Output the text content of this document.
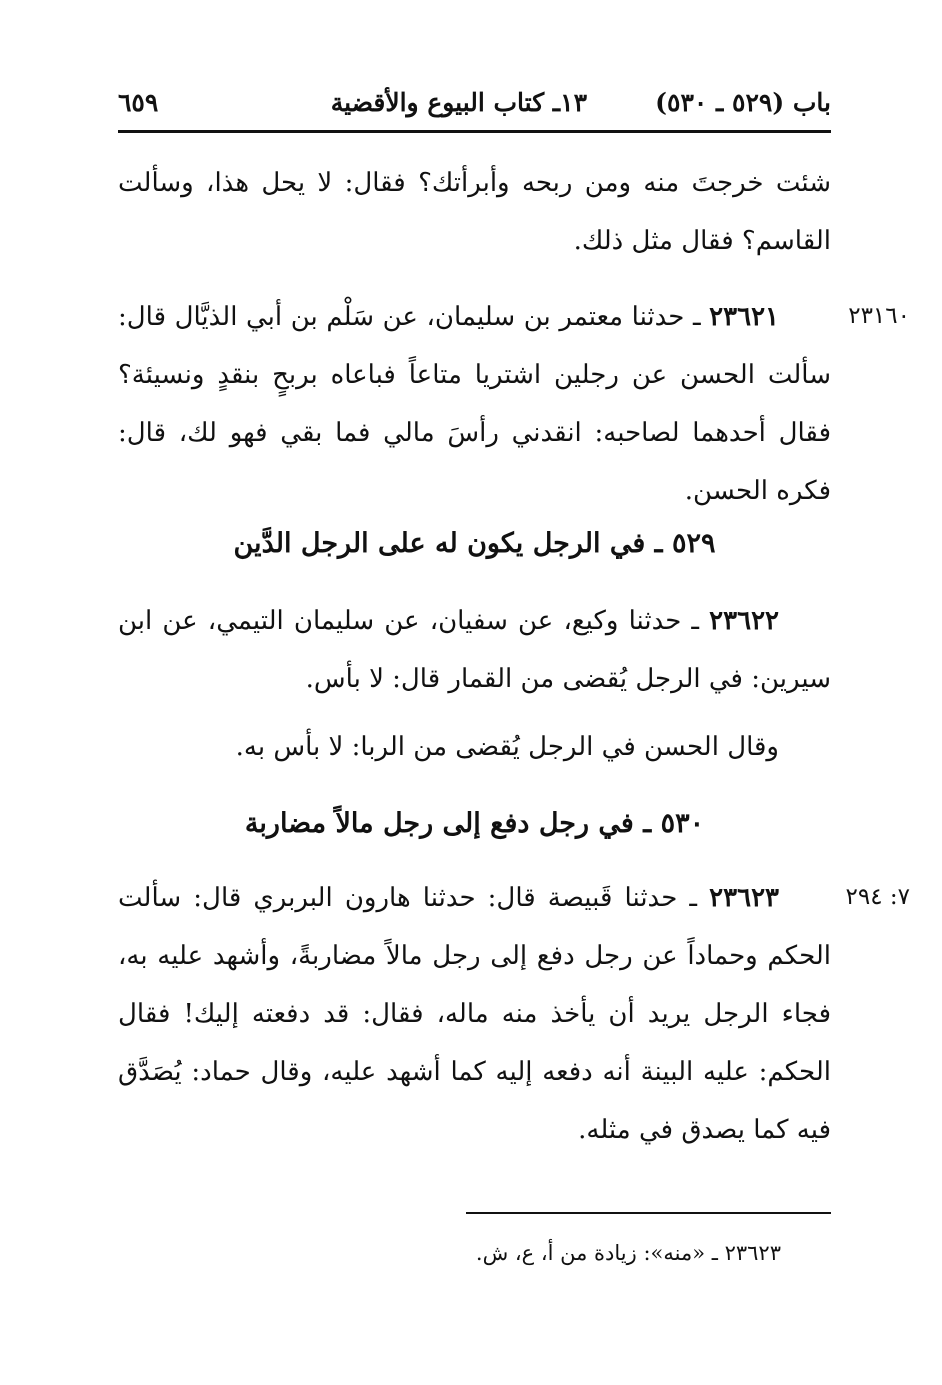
باب (٥٢٩ ـ ٥٣٠)
١٣ـ كتاب البيوع والأقضية
٦٥٩

شئت خرجتَ منه ومن ربحه وأبرأتك؟ فقال: لا يحل هذا، وسألت القاسم؟ فقال مثل ذلك.

٢٣١٦٠

٢٣٦٢١ ـ حدثنا معتمر بن سليمان، عن سَلْم بن أبي الذيَّال قال: سألت الحسن عن رجلين اشتريا متاعاً فباعاه بربحٍ بنقدٍ ونسيئة؟ فقال أحدهما لصاحبه: انقدني رأسَ مالي فما بقي فهو لك، قال: فكره الحسن.

٥٢٩ ـ في الرجل يكون له على الرجل الدَّين

٢٣٦٢٢ ـ حدثنا وكيع، عن سفيان، عن سليمان التيمي، عن ابن سيرين: في الرجل يُقضى من القمار قال: لا بأس.

وقال الحسن في الرجل يُقضى من الربا: لا بأس به.

٥٣٠ ـ في رجل دفع إلى رجل مالاً مضاربة
٧: ٢٩٤

٢٣٦٢٣ ـ حدثنا قَبيصة قال: حدثنا هارون البربري قال: سألت الحكم وحماداً عن رجل دفع إلى رجل مالاً مضاربةً، وأشهد عليه به، فجاء الرجل يريد أن يأخذ منه ماله، فقال: قد دفعته إليك! فقال الحكم: عليه البينة أنه دفعه إليه كما أشهد عليه، وقال حماد: يُصَدَّق فيه كما يصدق في مثله.

٢٣٦٢٣ ـ «منه»: زيادة من أ، ع، ش.
